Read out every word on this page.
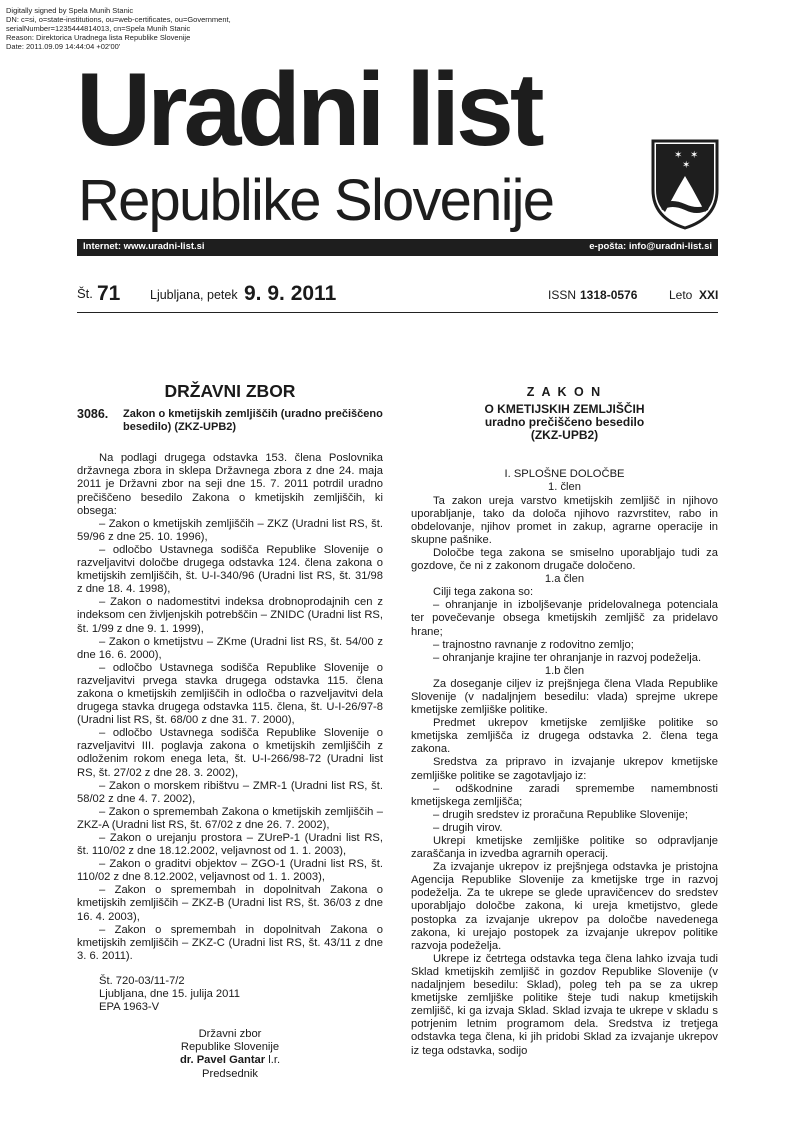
Digitally signed by Spela Munih Stanic
DN: c=si, o=state-institutions, ou=web-certificates, ou=Government,
serialNumber=1235444814013, cn=Spela Munih Stanic
Reason: Direktorica Uradnega lista Republike Slovenije
Date: 2011.09.09 14:44:04 +02'00'
Uradni list
Republike Slovenije
✶ ✶
✶
Internet: www.uradni-list.si	e-pošta: info@uradni-list.si
Št. 71 Ljubljana, petek 9. 9. 2011	ISSN 1318-0576	Leto XXI
DRŽAVNI ZBOR
3086.	Zakon o kmetijskih zemljiščih (uradno prečiščeno besedilo) (ZKZ-UPB2)

Na podlagi drugega odstavka 153. člena Poslovnika državnega zbora in sklepa Državnega zbora z dne 24. maja 2011 je Državni zbor na seji dne 15. 7. 2011 potrdil uradno prečiščeno besedilo Zakona o kmetijskih zemljiščih, ki obsega:

– Zakon o kmetijskih zemljiščih – ZKZ (Uradni list RS, št. 59/96 z dne 25. 10. 1996),

– odločbo Ustavnega sodišča Republike Slovenije o razveljavitvi določbe drugega odstavka 124. člena zakona o kmetijskih zemljiščih, št. U-I-340/96 (Uradni list RS, št. 31/98 z dne 18. 4. 1998),

– Zakon o nadomestitvi indeksa drobnoprodajnih cen z indeksom cen življenjskih potrebščin – ZNIDC (Uradni list RS, št. 1/99 z dne 9. 1. 1999),

– Zakon o kmetijstvu – ZKme (Uradni list RS, št. 54/00 z dne 16. 6. 2000),

– odločbo Ustavnega sodišča Republike Slovenije o razveljavitvi prvega stavka drugega odstavka 115. člena zakona o kmetijskih zemljiščih in odločba o razveljavitvi dela drugega stavka drugega odstavka 115. člena, št. U-I-26/97-8 (Uradni list RS, št. 68/00 z dne 31. 7. 2000),

– odločbo Ustavnega sodišča Republike Slovenije o razveljavitvi III. poglavja zakona o kmetijskih zemljiščih z odloženim rokom enega leta, št. U-I-266/98-72 (Uradni list RS, št. 27/02 z dne 28. 3. 2002),

– Zakon o morskem ribištvu – ZMR-1 (Uradni list RS, št. 58/02 z dne 4. 7. 2002),

– Zakon o spremembah Zakona o kmetijskih zemljiščih – ZKZ-A (Uradni list RS, št. 67/02 z dne 26. 7. 2002),

– Zakon o urejanju prostora – ZUreP-1 (Uradni list RS, št. 110/02 z dne 18.12.2002, veljavnost od 1. 1. 2003),

– Zakon o graditvi objektov – ZGO-1 (Uradni list RS, št. 110/02 z dne 8.12.2002, veljavnost od 1. 1. 2003),

– Zakon o spremembah in dopolnitvah Zakona o kmetijskih zemljiščih – ZKZ-B (Uradni list RS, št. 36/03 z dne 16. 4. 2003),

– Zakon o spremembah in dopolnitvah Zakona o kmetijskih zemljiščih – ZKZ-C (Uradni list RS, št. 43/11 z dne 3. 6. 2011).

Št. 720-03/11-7/2

Ljubljana, dne 15. julija 2011

EPA 1963-V

Državni zbor

Republike Slovenije

dr. Pavel Gantar l.r.

Predsednik

Z A K O N

O KMETIJSKIH ZEMLJIŠČIH

uradno prečiščeno besedilo

(ZKZ-UPB2)

I. SPLOŠNE DOLOČBE

1. člen

Ta zakon ureja varstvo kmetijskih zemljišč in njihovo uporabljanje, tako da določa njihovo razvrstitev, rabo in obdelovanje, njihov promet in zakup, agrarne operacije in skupne pašnike.

Določbe tega zakona se smiselno uporabljajo tudi za gozdove, če ni z zakonom drugače določeno.

1.a člen

Cilji tega zakona so:

– ohranjanje in izboljševanje pridelovalnega potenciala ter povečevanje obsega kmetijskih zemljišč za pridelavo hrane;

– trajnostno ravnanje z rodovitno zemljo;

– ohranjanje krajine ter ohranjanje in razvoj podeželja.

1.b člen

Za doseganje ciljev iz prejšnjega člena Vlada Republike Slovenije (v nadaljnjem besedilu: vlada) sprejme ukrepe kmetijske zemljiške politike.

Predmet ukrepov kmetijske zemljiške politike so kmetijska zemljišča iz drugega odstavka 2. člena tega zakona.

Sredstva za pripravo in izvajanje ukrepov kmetijske zemljiške politike se zagotavljajo iz:

– odškodnine zaradi spremembe namembnosti kmetijskega zemljišča;

– drugih sredstev iz proračuna Republike Slovenije;

– drugih virov.

Ukrepi kmetijske zemljiške politike so odpravljanje zaraščanja in izvedba agrarnih operacij.

Za izvajanje ukrepov iz prejšnjega odstavka je pristojna Agencija Republike Slovenije za kmetijske trge in razvoj podeželja. Za te ukrepe se glede upravičencev do sredstev uporabljajo določbe zakona, ki ureja kmetijstvo, glede postopka za izvajanje ukrepov pa določbe navedenega zakona, ki urejajo postopek za izvajanje ukrepov politike razvoja podeželja.

Ukrepe iz četrtega odstavka tega člena lahko izvaja tudi Sklad kmetijskih zemljišč in gozdov Republike Slovenije (v nadaljnjem besedilu: Sklad), poleg teh pa se za ukrep kmetijske zemljiške politike šteje tudi nakup kmetijskih zemljišč, ki ga izvaja Sklad. Sklad izvaja te ukrepe v skladu s potrjenim letnim programom dela. Sredstva iz tretjega odstavka tega člena, ki jih pridobi Sklad za izvajanje ukrepov iz tega odstavka, sodijo
